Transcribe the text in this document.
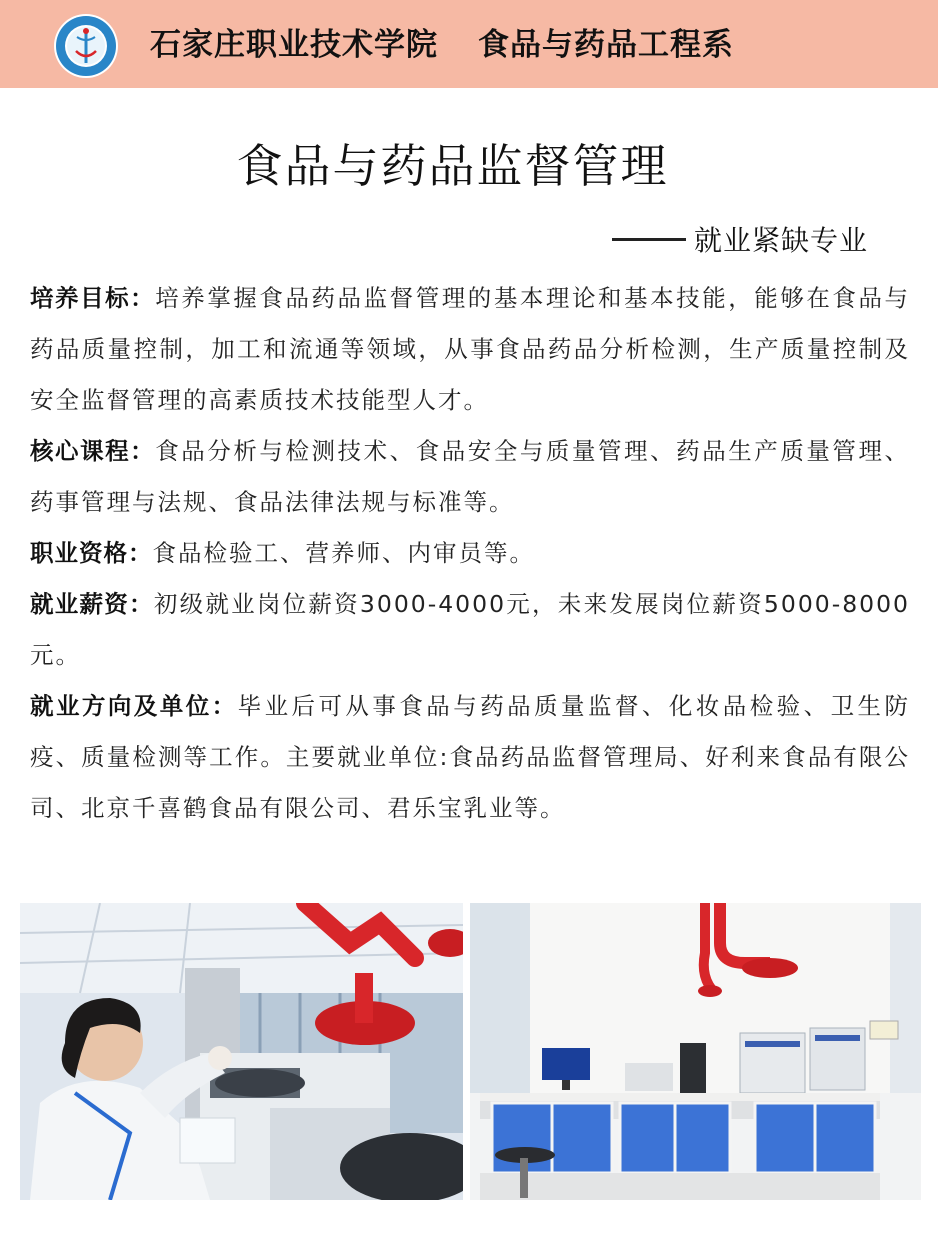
石家庄职业技术学院 食品与药品工程系
食品与药品监督管理
就业紧缺专业

培养目标：培养掌握食品药品监督管理的基本理论和基本技能，能够在食品与药品质量控制，加工和流通等领域，从事食品药品分析检测，生产质量控制及安全监督管理的高素质技术技能型人才。

核心课程：食品分析与检测技术、食品安全与质量管理、药品生产质量管理、药事管理与法规、食品法律法规与标准等。

职业资格：食品检验工、营养师、内审员等。

就业薪资：初级就业岗位薪资3000-4000元，未来发展岗位薪资5000-8000元。

就业方向及单位：毕业后可从事食品与药品质量监督、化妆品检验、卫生防疫、质量检测等工作。主要就业单位:食品药品监督管理局、好利来食品有限公司、北京千喜鹤食品有限公司、君乐宝乳业等。
